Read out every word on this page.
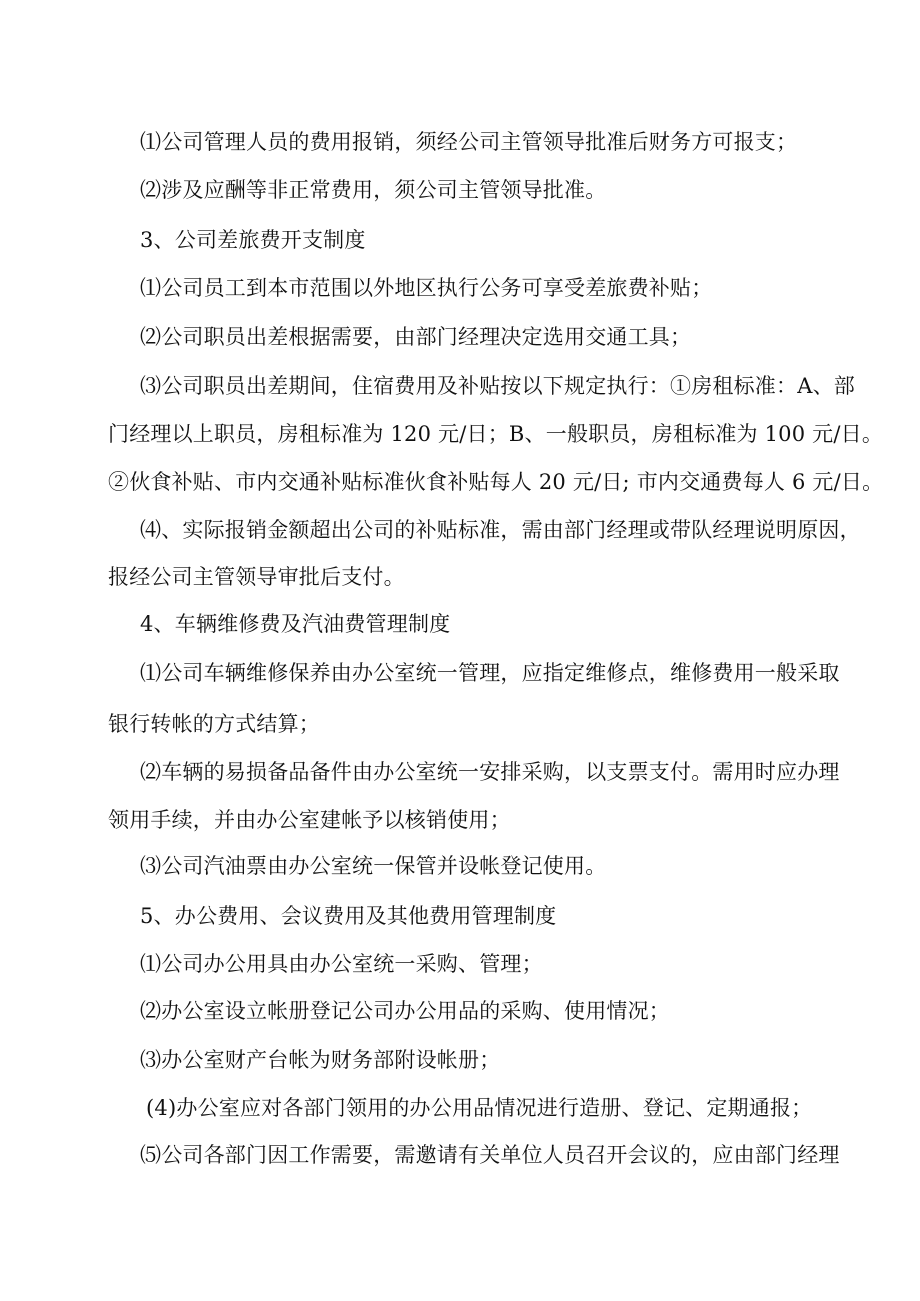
⑴公司管理人员的费用报销，须经公司主管领导批准后财务方可报支；
⑵涉及应酬等非正常费用，须公司主管领导批准。
3、公司差旅费开支制度
⑴公司员工到本市范围以外地区执行公务可享受差旅费补贴；
⑵公司职员出差根据需要，由部门经理决定选用交通工具；
⑶公司职员出差期间，住宿费用及补贴按以下规定执行：①房租标准：A、部
门经理以上职员，房租标准为 120 元/日；B、一般职员，房租标准为 100 元/日。
②伙食补贴、市内交通补贴标准伙食补贴每人 20 元/日; 市内交通费每人 6 元/日。
⑷、实际报销金额超出公司的补贴标准，需由部门经理或带队经理说明原因，
报经公司主管领导审批后支付。
4、车辆维修费及汽油费管理制度
⑴公司车辆维修保养由办公室统一管理，应指定维修点，维修费用一般采取
银行转帐的方式结算；
⑵车辆的易损备品备件由办公室统一安排采购，以支票支付。需用时应办理
领用手续，并由办公室建帐予以核销使用；
⑶公司汽油票由办公室统一保管并设帐登记使用。
5、办公费用、会议费用及其他费用管理制度
⑴公司办公用具由办公室统一采购、管理；
⑵办公室设立帐册登记公司办公用品的采购、使用情况；
⑶办公室财产台帐为财务部附设帐册；
(4)办公室应对各部门领用的办公用品情况进行造册、登记、定期通报；
⑸公司各部门因工作需要，需邀请有关单位人员召开会议的，应由部门经理
